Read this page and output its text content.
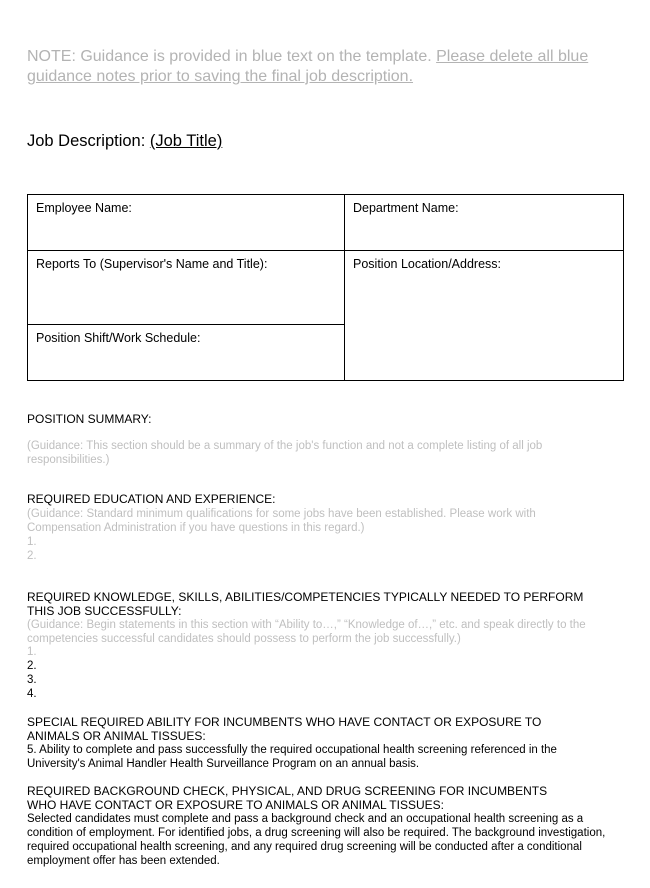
NOTE: Guidance is provided in blue text on the template. Please delete all blue guidance notes prior to saving the final job description.
Job Description: (Job Title)
Employee Name:	Department Name:
Reports To (Supervisor's Name and Title):	Position Location/Address:
Position Shift/Work Schedule:	
POSITION SUMMARY:
(Guidance: This section should be a summary of the job's function and not a complete listing of all job responsibilities.)
REQUIRED EDUCATION AND EXPERIENCE:
(Guidance: Standard minimum qualifications for some jobs have been established. Please work with Compensation Administration if you have questions in this regard.)
1.
2.
REQUIRED KNOWLEDGE, SKILLS, ABILITIES/COMPETENCIES TYPICALLY NEEDED TO PERFORM THIS JOB SUCCESSFULLY:
(Guidance: Begin statements in this section with “Ability to…,” “Knowledge of…,” etc. and speak directly to the competencies successful candidates should possess to perform the job successfully.)
1.
2.
3.
4.
SPECIAL REQUIRED ABILITY FOR INCUMBENTS WHO HAVE CONTACT OR EXPOSURE TO ANIMALS OR ANIMAL TISSUES:
5. Ability to complete and pass successfully the required occupational health screening referenced in the University's Animal Handler Health Surveillance Program on an annual basis.
REQUIRED BACKGROUND CHECK, PHYSICAL, AND DRUG SCREENING FOR INCUMBENTS WHO HAVE CONTACT OR EXPOSURE TO ANIMALS OR ANIMAL TISSUES:
Selected candidates must complete and pass a background check and an occupational health screening as a condition of employment. For identified jobs, a drug screening will also be required. The background investigation, required occupational health screening, and any required drug screening will be conducted after a conditional employment offer has been extended.
